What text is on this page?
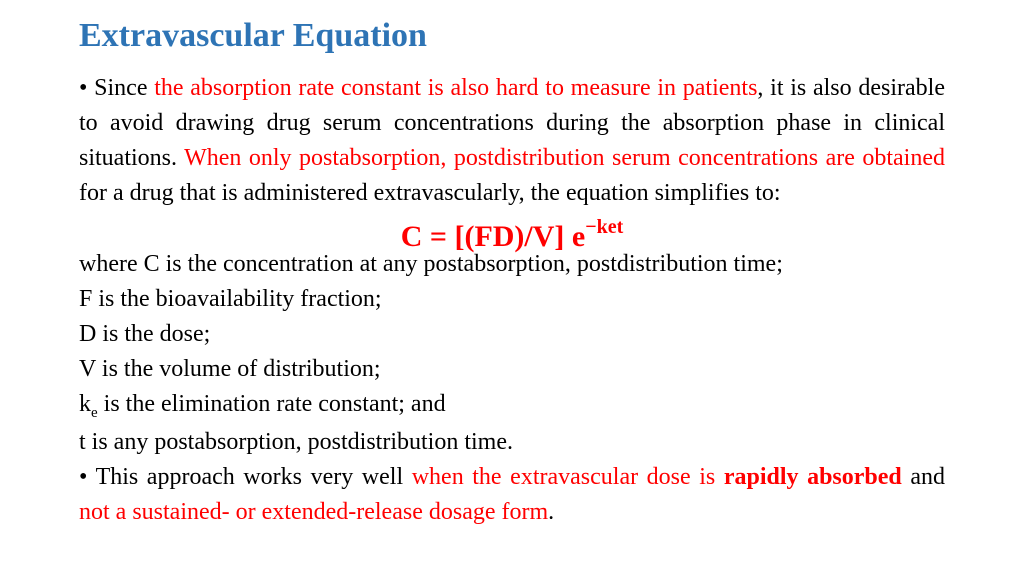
Extravascular Equation

• Since the absorption rate constant is also hard to measure in patients, it is also desirable to avoid drawing drug serum concentrations during the absorption phase in clinical situations. When only postabsorption, postdistribution serum concentrations are obtained for a drug that is administered extravascularly, the equation simplifies to:

C = [(FD)/V] $e^{-ket}$

where C is the concentration at any postabsorption, postdistribution time;

F is the bioavailability fraction;

D is the dose;

V is the volume of distribution;

$k_e$ is the elimination rate constant; and

t is any postabsorption, postdistribution time.

• This approach works very well when the extravascular dose is rapidly absorbed and not a sustained- or extended-release dosage form.
